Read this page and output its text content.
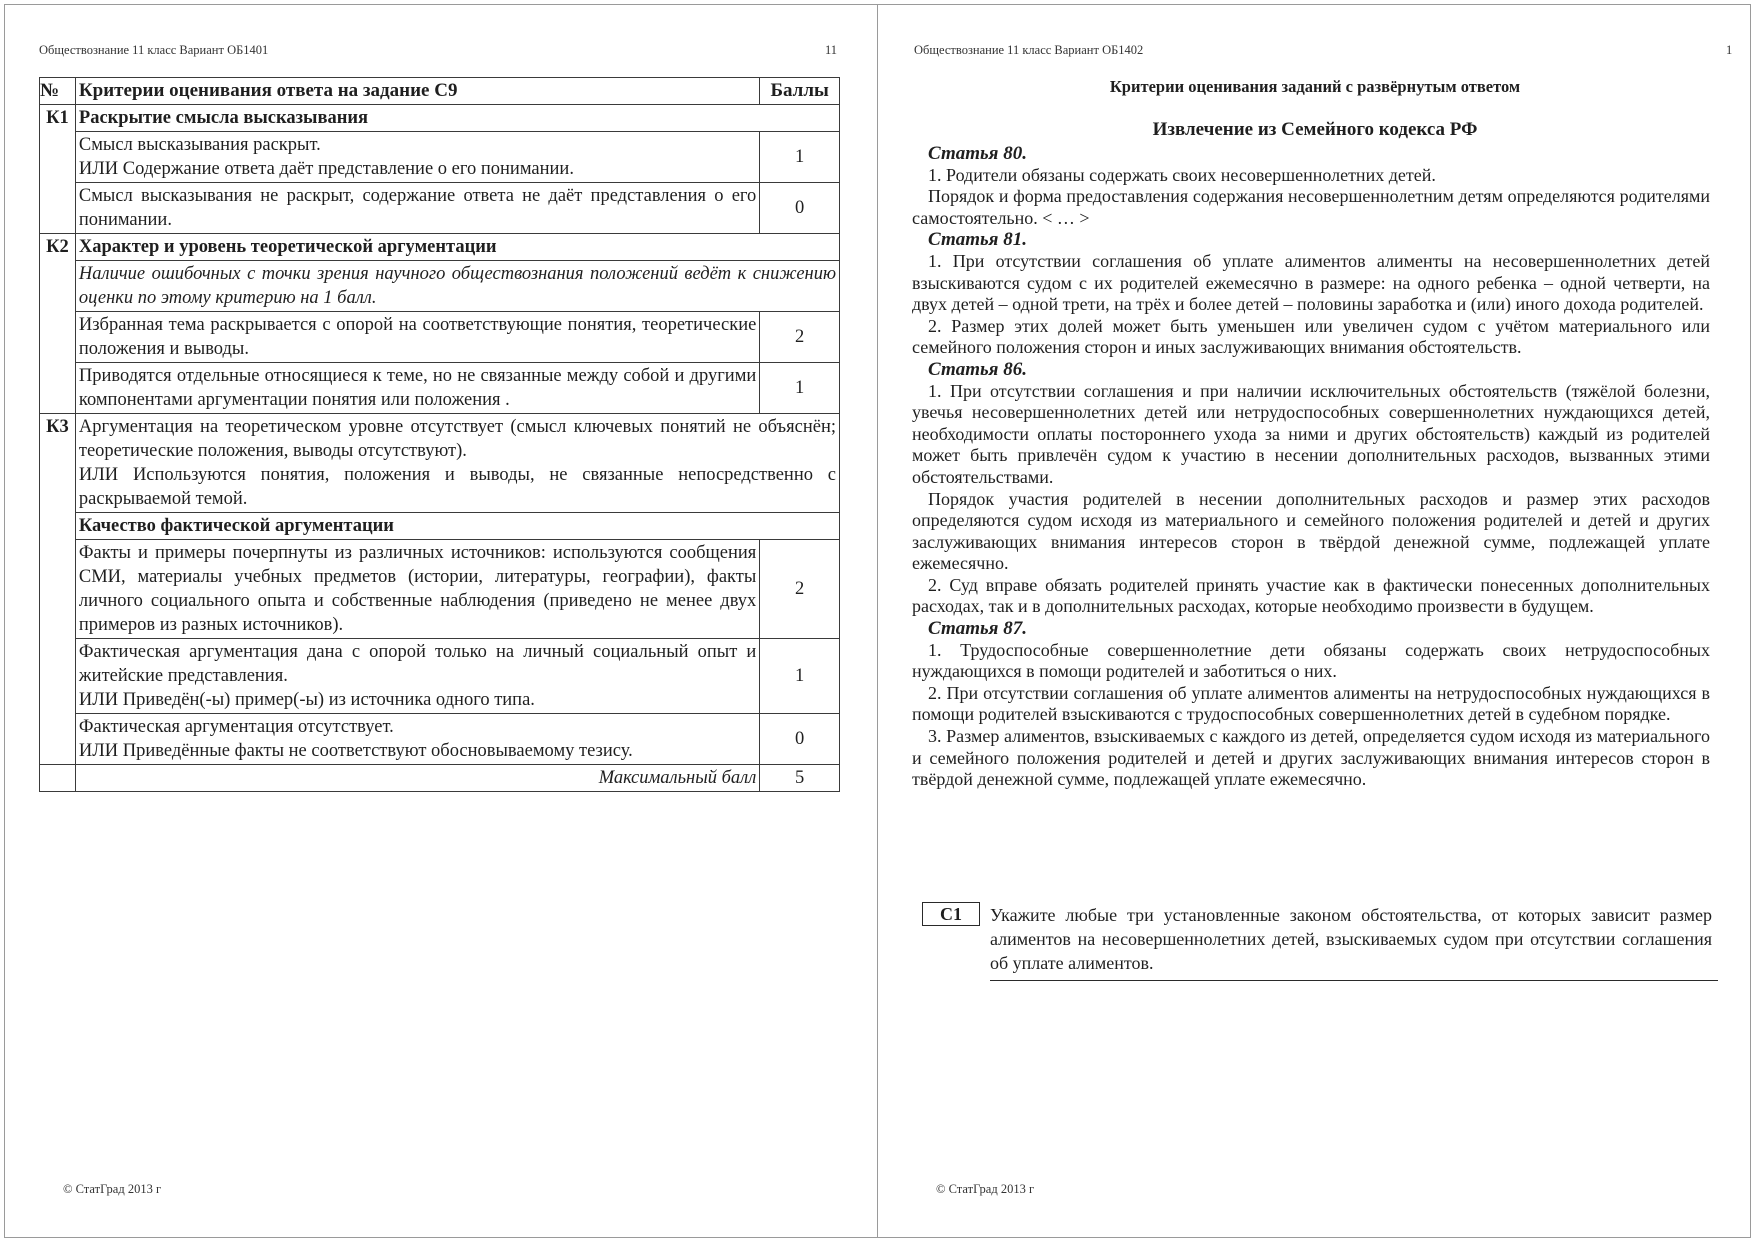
Обществознание 11 класс Вариант ОБ1401	11
№	Критерии оценивания ответа на задание С9	Баллы
К1	Раскрытие смысла высказывания	

	Смысл высказывания раскрыт.
ИЛИ Содержание ответа даёт представление о его понимании.	1
	Смысл высказывания не раскрыт, содержание ответа не даёт представления о его понимании.	0
К2	Характер и уровень теоретической аргументации	
	Наличие ошибочных с точки зрения научного обществознания положений ведёт к снижению оценки по этому критерию на 1 балл.	
	Избранная тема раскрывается с опорой на соответствующие понятия, теоретические положения и выводы.	2
	Приводятся отдельные относящиеся к теме, но не связанные между собой и другими компонентами аргументации понятия или положения .	1
К3	Аргументация на теоретическом уровне отсутствует (смысл ключевых понятий не объяснён; теоретические положения, выводы отсутствуют).
ИЛИ Используются понятия, положения и выводы, не связанные непосредственно с раскрываемой темой.	

	Качество фактической аргументации	
	Факты и примеры почерпнуты из различных источников: используются сообщения СМИ, материалы учебных предметов (истории, литературы, географии), факты личного социального опыта и собственные наблюдения (приведено не менее двух примеров из разных источников).	2

	Фактическая аргументация дана с опорой только на личный социальный опыт и житейские представления.
ИЛИ Приведён(-ы) пример(-ы) из источника одного типа.	1

	Фактическая аргументация отсутствует.
ИЛИ Приведённые факты не соответствуют обосновываемому тезису.	0
	Максимальный балл	5
© СтатГрад 2013 г
Обществознание 11 класс Вариант ОБ1402	1
Критерии оценивания заданий с развёрнутым ответом
Извлечение из Семейного кодекса РФ

Статья 80.

1. Родители обязаны содержать своих несовершеннолетних детей.

Порядок и форма предоставления содержания несовершеннолетним детям определяются родителями самостоятельно. < … >

Статья 81.

1. При отсутствии соглашения об уплате алиментов алименты на несовершеннолетних детей взыскиваются судом с их родителей ежемесячно в размере: на одного ребенка – одной четверти, на двух детей – одной трети, на трёх и более детей – половины заработка и (или) иного дохода родителей.

2. Размер этих долей может быть уменьшен или увеличен судом с учётом материального или семейного положения сторон и иных заслуживающих внимания обстоятельств.

Статья 86.

1. При отсутствии соглашения и при наличии исключительных обстоятельств (тяжёлой болезни, увечья несовершеннолетних детей или нетрудоспособных совершеннолетних нуждающихся детей, необходимости оплаты постороннего ухода за ними и других обстоятельств) каждый из родителей может быть привлечён судом к участию в несении дополнительных расходов, вызванных этими обстоятельствами.

Порядок участия родителей в несении дополнительных расходов и размер этих расходов определяются судом исходя из материального и семейного положения родителей и детей и других заслуживающих внимания интересов сторон в твёрдой денежной сумме, подлежащей уплате ежемесячно.

2. Суд вправе обязать родителей принять участие как в фактически понесенных дополнительных расходах, так и в дополнительных расходах, которые необходимо произвести в будущем.

Статья 87.

1. Трудоспособные совершеннолетние дети обязаны содержать своих нетрудоспособных нуждающихся в помощи родителей и заботиться о них.

2. При отсутствии соглашения об уплате алиментов алименты на нетрудоспособных нуждающихся в помощи родителей взыскиваются с трудоспособных совершеннолетних детей в судебном порядке.

3. Размер алиментов, взыскиваемых с каждого из детей, определяется судом исходя из материального и семейного положения родителей и детей и других заслуживающих внимания интересов сторон в твёрдой денежной сумме, подлежащей уплате ежемесячно.

С1	Укажите любые три установленные законом обстоятельства, от которых зависит размер алиментов на несовершеннолетних детей, взыскиваемых судом при отсутствии соглашения об уплате алиментов.
© СтатГрад 2013 г
